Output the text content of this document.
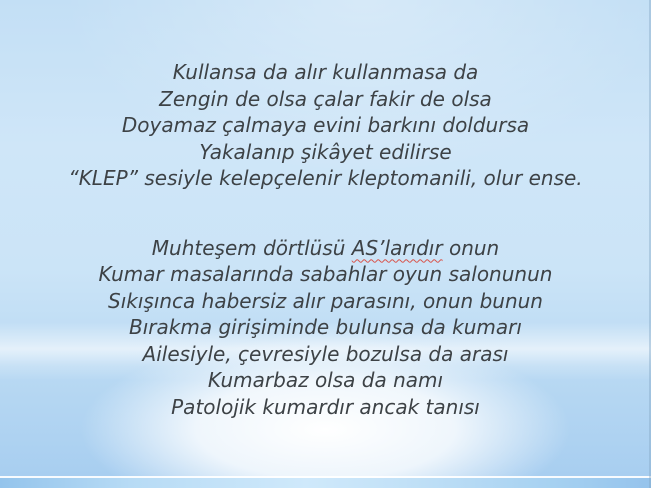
Kullansa da alır kullanmasa da
Zengin de olsa çalar fakir de olsa
Doyamaz çalmaya evini barkını doldursa
Yakalanıp şikâyet edilirse
“KLEP” sesiyle kelepçelenir kleptomanili, olur ense.
Muhteşem dörtlüsü AS’larıdır onun
Kumar masalarında sabahlar oyun salonunun
Sıkışınca habersiz alır parasını, onun bunun
Bırakma girişiminde bulunsa da kumarı
Ailesiyle, çevresiyle bozulsa da arası
Kumarbaz olsa da namı
Patolojik kumardır ancak tanısı
